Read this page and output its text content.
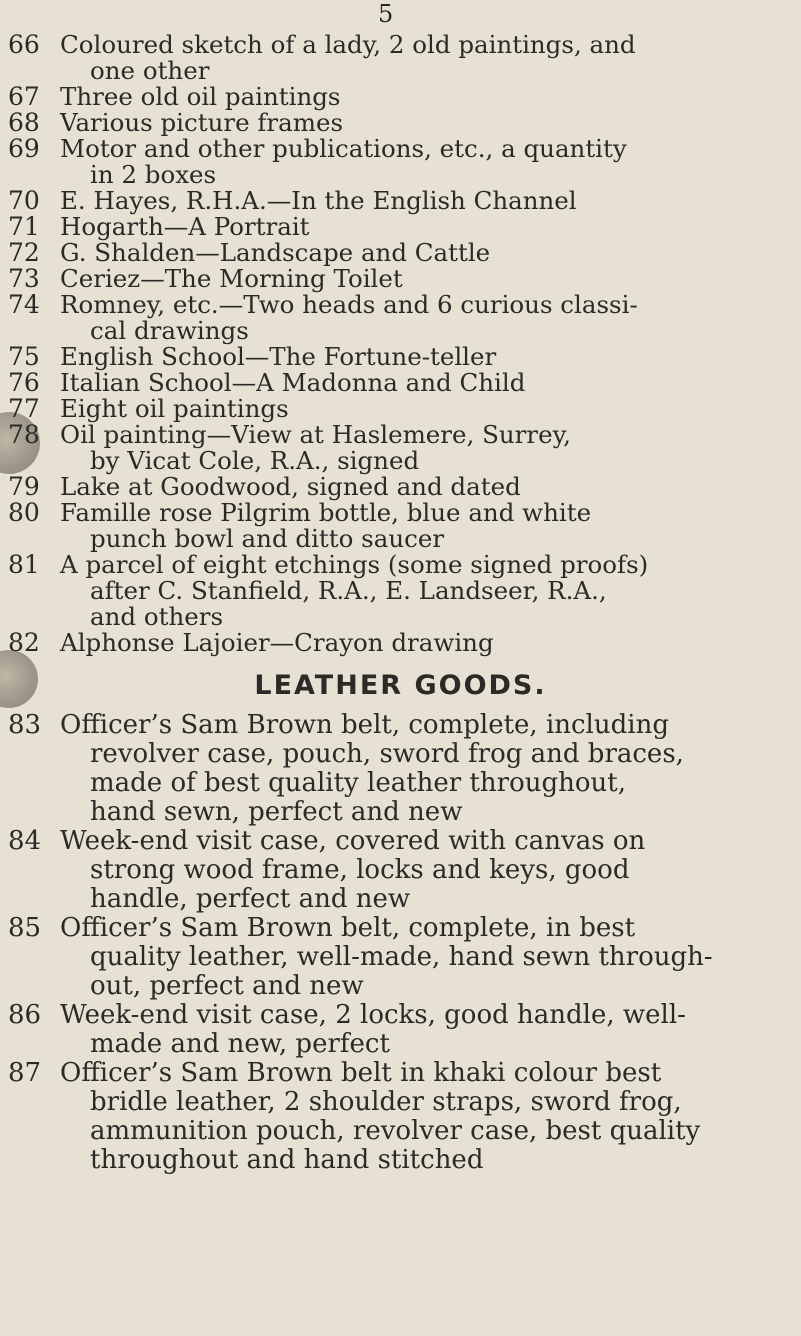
5
66 Coloured sketch of a lady, 2 old paintings, and
one other
67 Three old oil paintings
68 Various picture frames
69 Motor and other publications, etc., a quantity
in 2 boxes
70 E. Hayes, R.H.A.—In the English Channel
71 Hogarth—A Portrait
72 G. Shalden—Landscape and Cattle
73 Ceriez—The Morning Toilet
74 Romney, etc.—Two heads and 6 curious classi-
cal drawings
75 English School—The Fortune-teller
76 Italian School—A Madonna and Child
77 Eight oil paintings
78 Oil painting—View at Haslemere, Surrey,
by Vicat Cole, R.A., signed
79 Lake at Goodwood, signed and dated
80 Famille rose Pilgrim bottle, blue and white
punch bowl and ditto saucer
81 A parcel of eight etchings (some signed proofs)
after C. Stanfield, R.A., E. Landseer, R.A.,
and others
82 Alphonse Lajoier—Crayon drawing
LEATHER GOODS.
83 Officer’s Sam Brown belt, complete, including
revolver case, pouch, sword frog and braces,
made of best quality leather throughout,
hand sewn, perfect and new
84 Week-end visit case, covered with canvas on
strong wood frame, locks and keys, good
handle, perfect and new
85 Officer’s Sam Brown belt, complete, in best
quality leather, well-made, hand sewn through-
out, perfect and new
86 Week-end visit case, 2 locks, good handle, well-
made and new, perfect
87 Officer’s Sam Brown belt in khaki colour best
bridle leather, 2 shoulder straps, sword frog,
ammunition pouch, revolver case, best quality
throughout and hand stitched
